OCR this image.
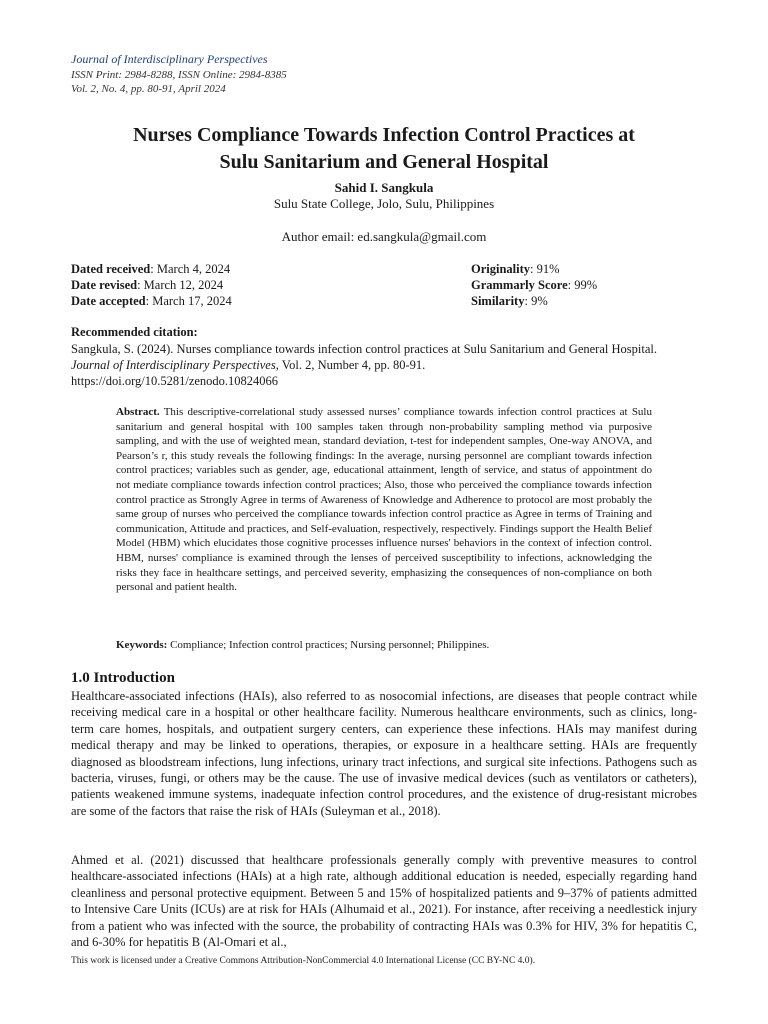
Journal of Interdisciplinary Perspectives
ISSN Print: 2984-8288, ISSN Online: 2984-8385
Vol. 2, No. 4, pp. 80-91, April 2024
Nurses Compliance Towards Infection Control Practices at
Sulu Sanitarium and General Hospital
Sahid I. Sangkula
Sulu State College, Jolo, Sulu, Philippines
Author email: ed.sangkula@gmail.com
Dated received: March 4, 2024
Date revised: March 12, 2024
Date accepted: March 17, 2024
Originality: 91%
Grammarly Score: 99%
Similarity: 9%
Recommended citation:
Sangkula, S. (2024). Nurses compliance towards infection control practices at Sulu Sanitarium and General Hospital. Journal of Interdisciplinary Perspectives, Vol. 2, Number 4, pp. 80-91.
https://doi.org/10.5281/zenodo.10824066
Abstract. This descriptive-correlational study assessed nurses’ compliance towards infection control practices at Sulu sanitarium and general hospital with 100 samples taken through non-probability sampling method via purposive sampling, and with the use of weighted mean, standard deviation, t-test for independent samples, One-way ANOVA, and Pearson’s r, this study reveals the following findings: In the average, nursing personnel are compliant towards infection control practices; variables such as gender, age, educational attainment, length of service, and status of appointment do not mediate compliance towards infection control practices; Also, those who perceived the compliance towards infection control practice as Strongly Agree in terms of Awareness of Knowledge and Adherence to protocol are most probably the same group of nurses who perceived the compliance towards infection control practice as Agree in terms of Training and communication, Attitude and practices, and Self-evaluation, respectively, respectively. Findings support the Health Belief Model (HBM) which elucidates those cognitive processes influence nurses' behaviors in the context of infection control. HBM, nurses' compliance is examined through the lenses of perceived susceptibility to infections, acknowledging the risks they face in healthcare settings, and perceived severity, emphasizing the consequences of non-compliance on both personal and patient health.
Keywords: Compliance; Infection control practices; Nursing personnel; Philippines.
1.0 Introduction
Healthcare-associated infections (HAIs), also referred to as nosocomial infections, are diseases that people contract while receiving medical care in a hospital or other healthcare facility. Numerous healthcare environments, such as clinics, long-term care homes, hospitals, and outpatient surgery centers, can experience these infections. HAIs may manifest during medical therapy and may be linked to operations, therapies, or exposure in a healthcare setting. HAIs are frequently diagnosed as bloodstream infections, lung infections, urinary tract infections, and surgical site infections. Pathogens such as bacteria, viruses, fungi, or others may be the cause. The use of invasive medical devices (such as ventilators or catheters), patients weakened immune systems, inadequate infection control procedures, and the existence of drug-resistant microbes are some of the factors that raise the risk of HAIs (Suleyman et al., 2018).
Ahmed et al. (2021) discussed that healthcare professionals generally comply with preventive measures to control healthcare-associated infections (HAIs) at a high rate, although additional education is needed, especially regarding hand cleanliness and personal protective equipment. Between 5 and 15% of hospitalized patients and 9–37% of patients admitted to Intensive Care Units (ICUs) are at risk for HAIs (Alhumaid et al., 2021). For instance, after receiving a needlestick injury from a patient who was infected with the source, the probability of contracting HAIs was 0.3% for HIV, 3% for hepatitis C, and 6-30% for hepatitis B (Al-Omari et al.,
This work is licensed under a Creative Commons Attribution-NonCommercial 4.0 International License (CC BY-NC 4.0).
